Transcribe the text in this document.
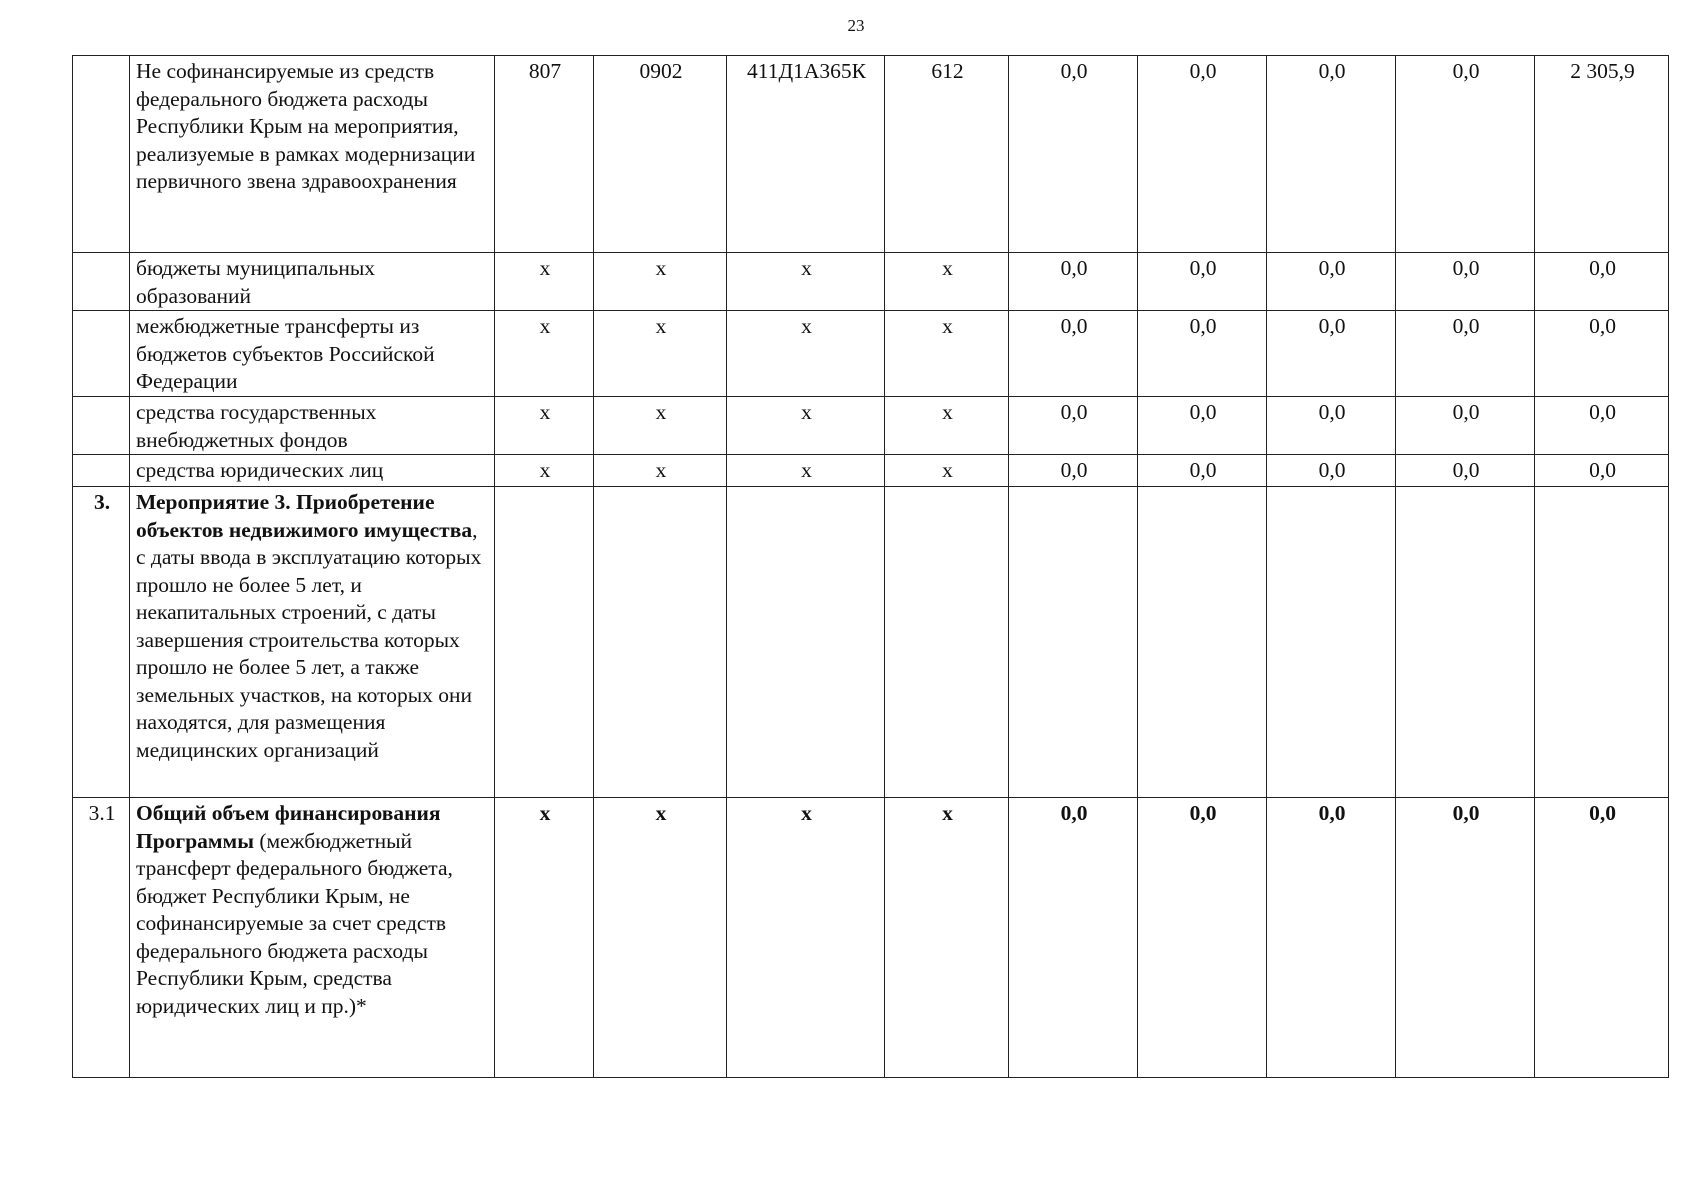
23
	Не софинансируемые из средств федерального бюджета расходы Республики Крым на мероприятия, реализуемые в рамках модернизации первичного звена здравоохранения	807	0902	411Д1А365К	612	0,0	0,0	0,0	0,0	2 305,9
	бюджеты муниципальных образований	х	х	х	х	0,0	0,0	0,0	0,0	0,0
	межбюджетные трансферты из бюджетов субъектов Российской Федерации	х	х	х	х	0,0	0,0	0,0	0,0	0,0
	средства государственных внебюджетных фондов	х	х	х	х	0,0	0,0	0,0	0,0	0,0
	средства юридических лиц	х	х	х	х	0,0	0,0	0,0	0,0	0,0
3.	Мероприятие 3. Приобретение объектов недвижимого имущества, с даты ввода в эксплуатацию которых прошло не более 5 лет, и некапитальных строений, с даты завершения строительства которых прошло не более 5 лет, а также земельных участков, на которых они находятся, для размещения медицинских организаций									
3.1	Общий объем финансирования Программы (межбюджетный трансферт федерального бюджета, бюджет Республики Крым, не софинансируемые за счет средств федерального бюджета расходы Республики Крым, средства юридических лиц и пр.)*	х	х	х	х	0,0	0,0	0,0	0,0	0,0
